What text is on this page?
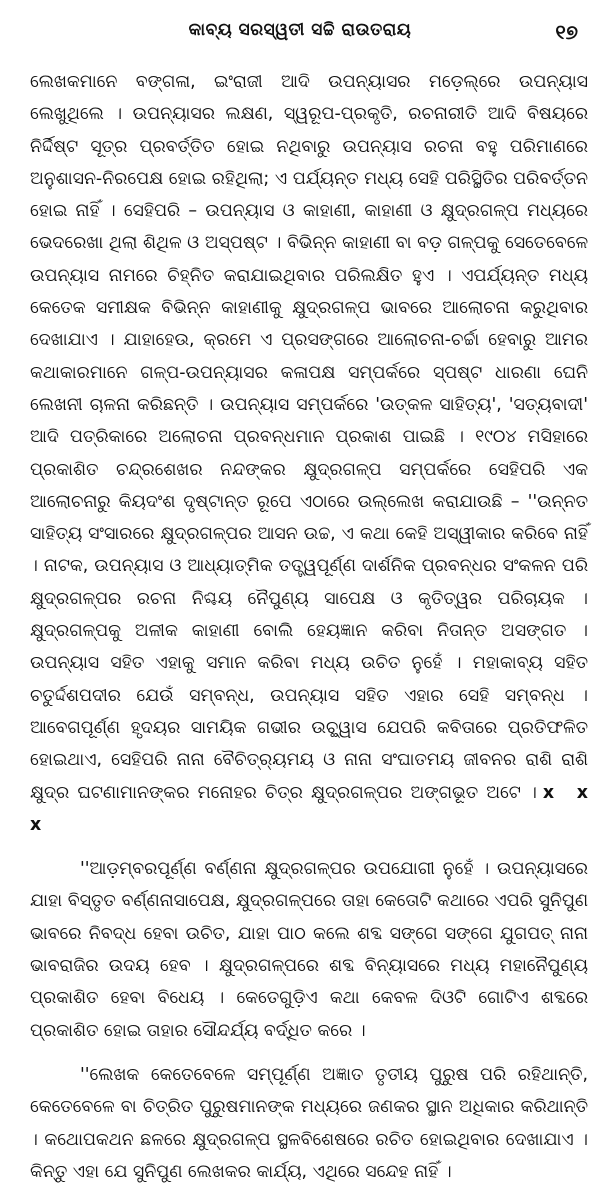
କାବ୍ୟ ସରସ୍ୱତୀ ସଚ୍ଚି ରାଉତରାୟ	୧୭

ଲେଖକମାନେ ବଙ୍ଗଳା, ଇଂରାଜୀ ଆଦି ଉପନ୍ୟାସର ମଡ଼େଲ୍‌ରେ ଉପନ୍ୟାସ ଲେଖୁଥିଲେ । ଉପନ୍ୟାସର ଲକ୍ଷଣ, ସ୍ୱରୂପ-ପ୍ରକୃତି, ରଚନାରୀତି ଆଦି ବିଷୟରେ ନିର୍ଦ୍ଦିଷ୍ଟ ସୂତ୍ର ପ୍ରବର୍ତ୍ତିତ ହୋଇ ନଥିବାରୁ ଉପନ୍ୟାସ ରଚନା ବହୁ ପରିମାଣରେ ଅନୁଶାସନ-ନିରପେକ୍ଷ ହୋଇ ରହିଥିଲା; ଏ ପର୍ଯ୍ୟନ୍ତ ମଧ୍ୟ ସେହି ପରିସ୍ଥିତିର ପରିବର୍ତ୍ତନ ହୋଇ ନାହିଁ । ସେହିପରି – ଉପନ୍ୟାସ ଓ କାହାଣୀ, କାହାଣୀ ଓ କ୍ଷୁଦ୍ରଗଳ୍ପ ମଧ୍ୟରେ ଭେଦରେଖା ଥିଲା ଶିଥିଳ ଓ ଅସ୍ପଷ୍ଟ । ବିଭିନ୍ନ କାହାଣୀ ବା ବଡ଼ ଗଳ୍ପକୁ ସେତେବେଳେ ଉପନ୍ୟାସ ନାମରେ ଚିହ୍ନିତ କରାଯାଇଥିବାର ପରିଲକ୍ଷିତ ହୁଏ । ଏପର୍ଯ୍ୟନ୍ତ ମଧ୍ୟ କେତେକ ସମୀକ୍ଷକ ବିଭିନ୍ନ କାହାଣୀକୁ କ୍ଷୁଦ୍ରଗଳ୍ପ ଭାବରେ ଆଲୋଚନା କରୁଥିବାର ଦେଖାଯାଏ । ଯାହାହେଉ, କ୍ରମେ ଏ ପ୍ରସଙ୍ଗରେ ଆଲୋଚନା-ଚର୍ଚ୍ଚା ହେବାରୁ ଆମର କଥାକାରମାନେ ଗଳ୍ପ-ଉପନ୍ୟାସର କଳାପକ୍ଷ ସମ୍ପର୍କରେ ସ୍ପଷ୍ଟ ଧାରଣା ଘେନି ଲେଖନୀ ଚାଳନା କରିଛନ୍ତି । ଉପନ୍ୟାସ ସମ୍ପର୍କରେ 'ଉତ୍କଳ ସାହିତ୍ୟ', 'ସତ୍ୟବାଦୀ' ଆଦି ପତ୍ରିକାରେ ଅଲୋଚନା ପ୍ରବନ୍ଧମାନ ପ୍ରକାଶ ପାଇଛି । ୧୯୦୪ ମସିହାରେ ପ୍ରକାଶିତ ଚନ୍ଦ୍ରଶେଖର ନନ୍ଦଙ୍କର କ୍ଷୁଦ୍ରଗଳ୍ପ ସମ୍ପର୍କରେ ସେହିପରି ଏକ ଆଲୋଚନାରୁ କିୟଦଂଶ ଦୃଷ୍ଟାନ୍ତ ରୂପେ ଏଠାରେ ଉଲ୍ଲେଖ କରାଯାଉଛି – ''ଉନ୍ନତ ସାହିତ୍ୟ ସଂସାରରେ କ୍ଷୁଦ୍ରଗଳ୍ପର ଆସନ ଉଚ୍ଚ, ଏ କଥା କେହି ଅସ୍ୱୀକାର କରିବେ ନାହିଁ । ନାଟକ, ଉପନ୍ୟାସ ଓ ଆଧ୍ୟାତ୍ମିକ ତତ୍ତ୍ୱପୂର୍ଣ୍ଣ ଦାର୍ଶନିକ ପ୍ରବନ୍ଧର ସଂକଳନ ପରି କ୍ଷୁଦ୍ରଗଳ୍ପର ରଚନା ନିଶ୍ଚୟ ନୈପୁଣ୍ୟ ସାପେକ୍ଷ ଓ କୃତିତ୍ୱର ପରିଚାୟକ । କ୍ଷୁଦ୍ରଗଳ୍ପକୁ ଅଳୀକ କାହାଣୀ ବୋଲି ହେୟଜ୍ଞାନ କରିବା ନିତାନ୍ତ ଅସଙ୍ଗତ । ଉପନ୍ୟାସ ସହିତ ଏହାକୁ ସମାନ କରିବା ମଧ୍ୟ ଉଚିତ ନୁହେଁ । ମହାକାବ୍ୟ ସହିତ ଚତୁର୍ଦ୍ଦଶପଦୀର ଯେଉଁ ସମ୍ବନ୍ଧ, ଉପନ୍ୟାସ ସହିତ ଏହାର ସେହି ସମ୍ବନ୍ଧ । ଆବେଗପୂର୍ଣ୍ଣ ହୃଦୟର ସାମୟିକ ଗଭୀର ଉଚ୍ଛ୍ୱାସ ଯେପରି କବିତାରେ ପ୍ରତିଫଳିତ ହୋଇଥାଏ, ସେହିପରି ନାନା ବୈଚିତ୍ର୍ୟମୟ ଓ ନାନା ସଂଘାତମୟ ଜୀବନର ରାଶି ରାଶି କ୍ଷୁଦ୍ର ଘଟଣାମାନଙ୍କର ମନୋହର ଚିତ୍ର କ୍ଷୁଦ୍ରଗଳ୍ପର ଅଙ୍ଗଭୂତ ଅଟେ । x x x

''ଆଡ଼ମ୍ବରପୂର୍ଣ୍ଣ ବର୍ଣ୍ଣନା କ୍ଷୁଦ୍ରଗଳ୍ପର ଉପଯୋଗୀ ନୁହେଁ । ଉପନ୍ୟାସରେ ଯାହା ବିସ୍ତୃତ ବର୍ଣ୍ଣନାସାପେକ୍ଷ, କ୍ଷୁଦ୍ରଗଳ୍ପରେ ତାହା କେତୋଟି କଥାରେ ଏପରି ସୁନିପୁଣ ଭାବରେ ନିବଦ୍ଧ ହେବା ଉଚିତ, ଯାହା ପାଠ କଲେ ଶବ୍ଦ ସଙ୍ଗେ ସଙ୍ଗେ ଯୁଗପତ୍ ନାନା ଭାବରାଜିର ଉଦୟ ହେବ । କ୍ଷୁଦ୍ରଗଳ୍ପରେ ଶବ୍ଦ ବିନ୍ୟାସରେ ମଧ୍ୟ ମହାନୈପୁଣ୍ୟ ପ୍ରକାଶିତ ହେବା ବିଧେୟ । କେତେଗୁଡ଼ିଏ କଥା କେବଳ ଦିଓଟି ଗୋଟିଏ ଶବ୍ଦରେ ପ୍ରକାଶିତ ହୋଇ ତାହାର ସୌନ୍ଦର୍ଯ୍ୟ ବର୍ଦ୍ଧିତ କରେ ।

''ଲେଖକ କେତେବେଳେ ସମ୍ପୂର୍ଣ୍ଣ ଅଜ୍ଞାତ ତୃତୀୟ ପୁରୁଷ ପରି ରହିଥାନ୍ତି, କେତେବେଳେ ବା ଚିତ୍ରିତ ପୁରୁଷମାନଙ୍କ ମଧ୍ୟରେ ଜଣକର ସ୍ଥାନ ଅଧିକାର କରିଥାନ୍ତି । କଥୋପକଥନ ଛଳରେ କ୍ଷୁଦ୍ରଗଳ୍ପ ସ୍ଥଳବିଶେଷରେ ରଚିତ ହୋଇଥିବାର ଦେଖାଯାଏ । କିନ୍ତୁ ଏହା ଯେ ସୁନିପୁଣ ଲେଖକର କାର୍ଯ୍ୟ, ଏଥିରେ ସନ୍ଦେହ ନାହିଁ ।
